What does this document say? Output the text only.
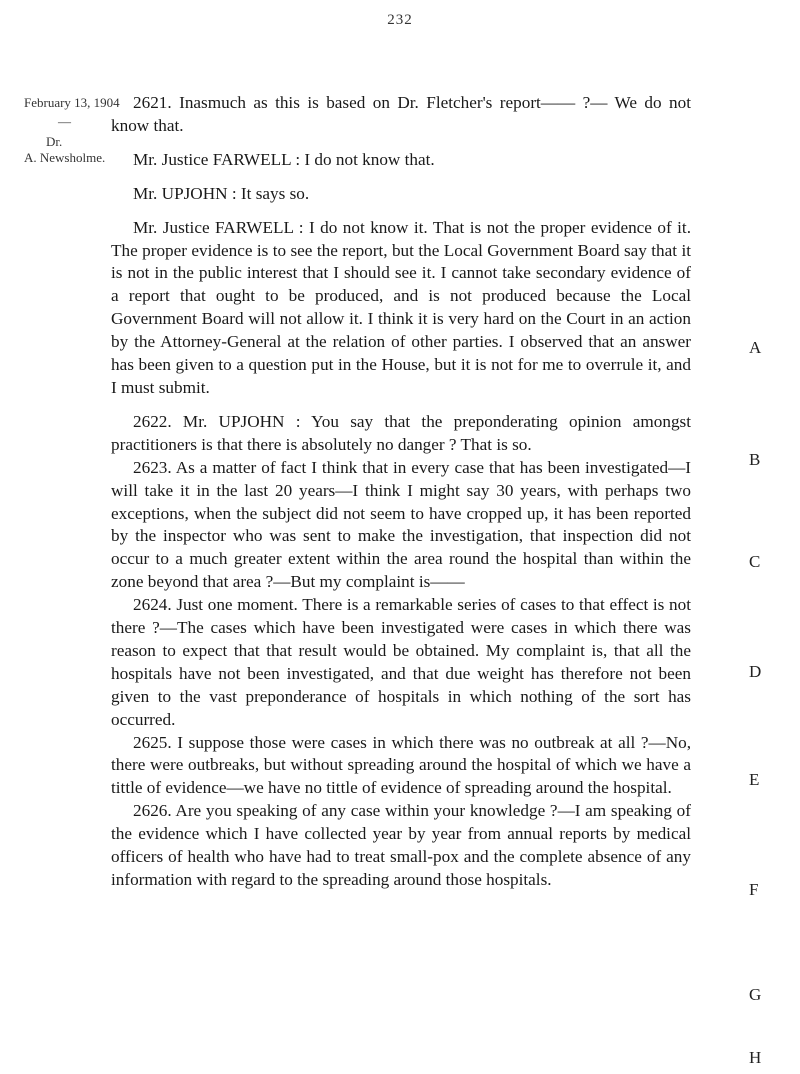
232
February 13, 1904
—
Dr.
A. Newsholme.

2621. Inasmuch as this is based on Dr. Fletcher's report—— ?— We do not know that.

Mr. Justice FARWELL : I do not know that.

Mr. UPJOHN : It says so.

Mr. Justice FARWELL : I do not know it. That is not the proper evidence of it. The proper evidence is to see the report, but the Local Government Board say that it is not in the public interest that I should see it. I cannot take secondary evidence of a report that ought to be produced, and is not produced because the Local Government Board will not allow it. I think it is very hard on the Court in an action by the Attorney-General at the relation of other parties. I observed that an answer has been given to a question put in the House, but it is not for me to overrule it, and I must submit.

2622. Mr. UPJOHN : You say that the preponderating opinion amongst practitioners is that there is absolutely no danger ? That is so.

2623. As a matter of fact I think that in every case that has been investigated—I will take it in the last 20 years—I think I might say 30 years, with perhaps two exceptions, when the subject did not seem to have cropped up, it has been reported by the inspector who was sent to make the investigation, that inspection did not occur to a much greater extent within the area round the hospital than within the zone beyond that area ?—But my complaint is——

2624. Just one moment. There is a remarkable series of cases to that effect is not there ?—The cases which have been investigated were cases in which there was reason to expect that that result would be obtained. My complaint is, that all the hospitals have not been investigated, and that due weight has therefore not been given to the vast preponderance of hospitals in which nothing of the sort has occurred.

2625. I suppose those were cases in which there was no outbreak at all ?—No, there were outbreaks, but without spreading around the hospital of which we have a tittle of evidence—we have no tittle of evidence of spreading around the hospital.

2626. Are you speaking of any case within your knowledge ?—I am speaking of the evidence which I have collected year by year from annual reports by medical officers of health who have had to treat small-pox and the complete absence of any information with regard to the spreading around those hospitals.

A
B
C
D
E
F
G
H
